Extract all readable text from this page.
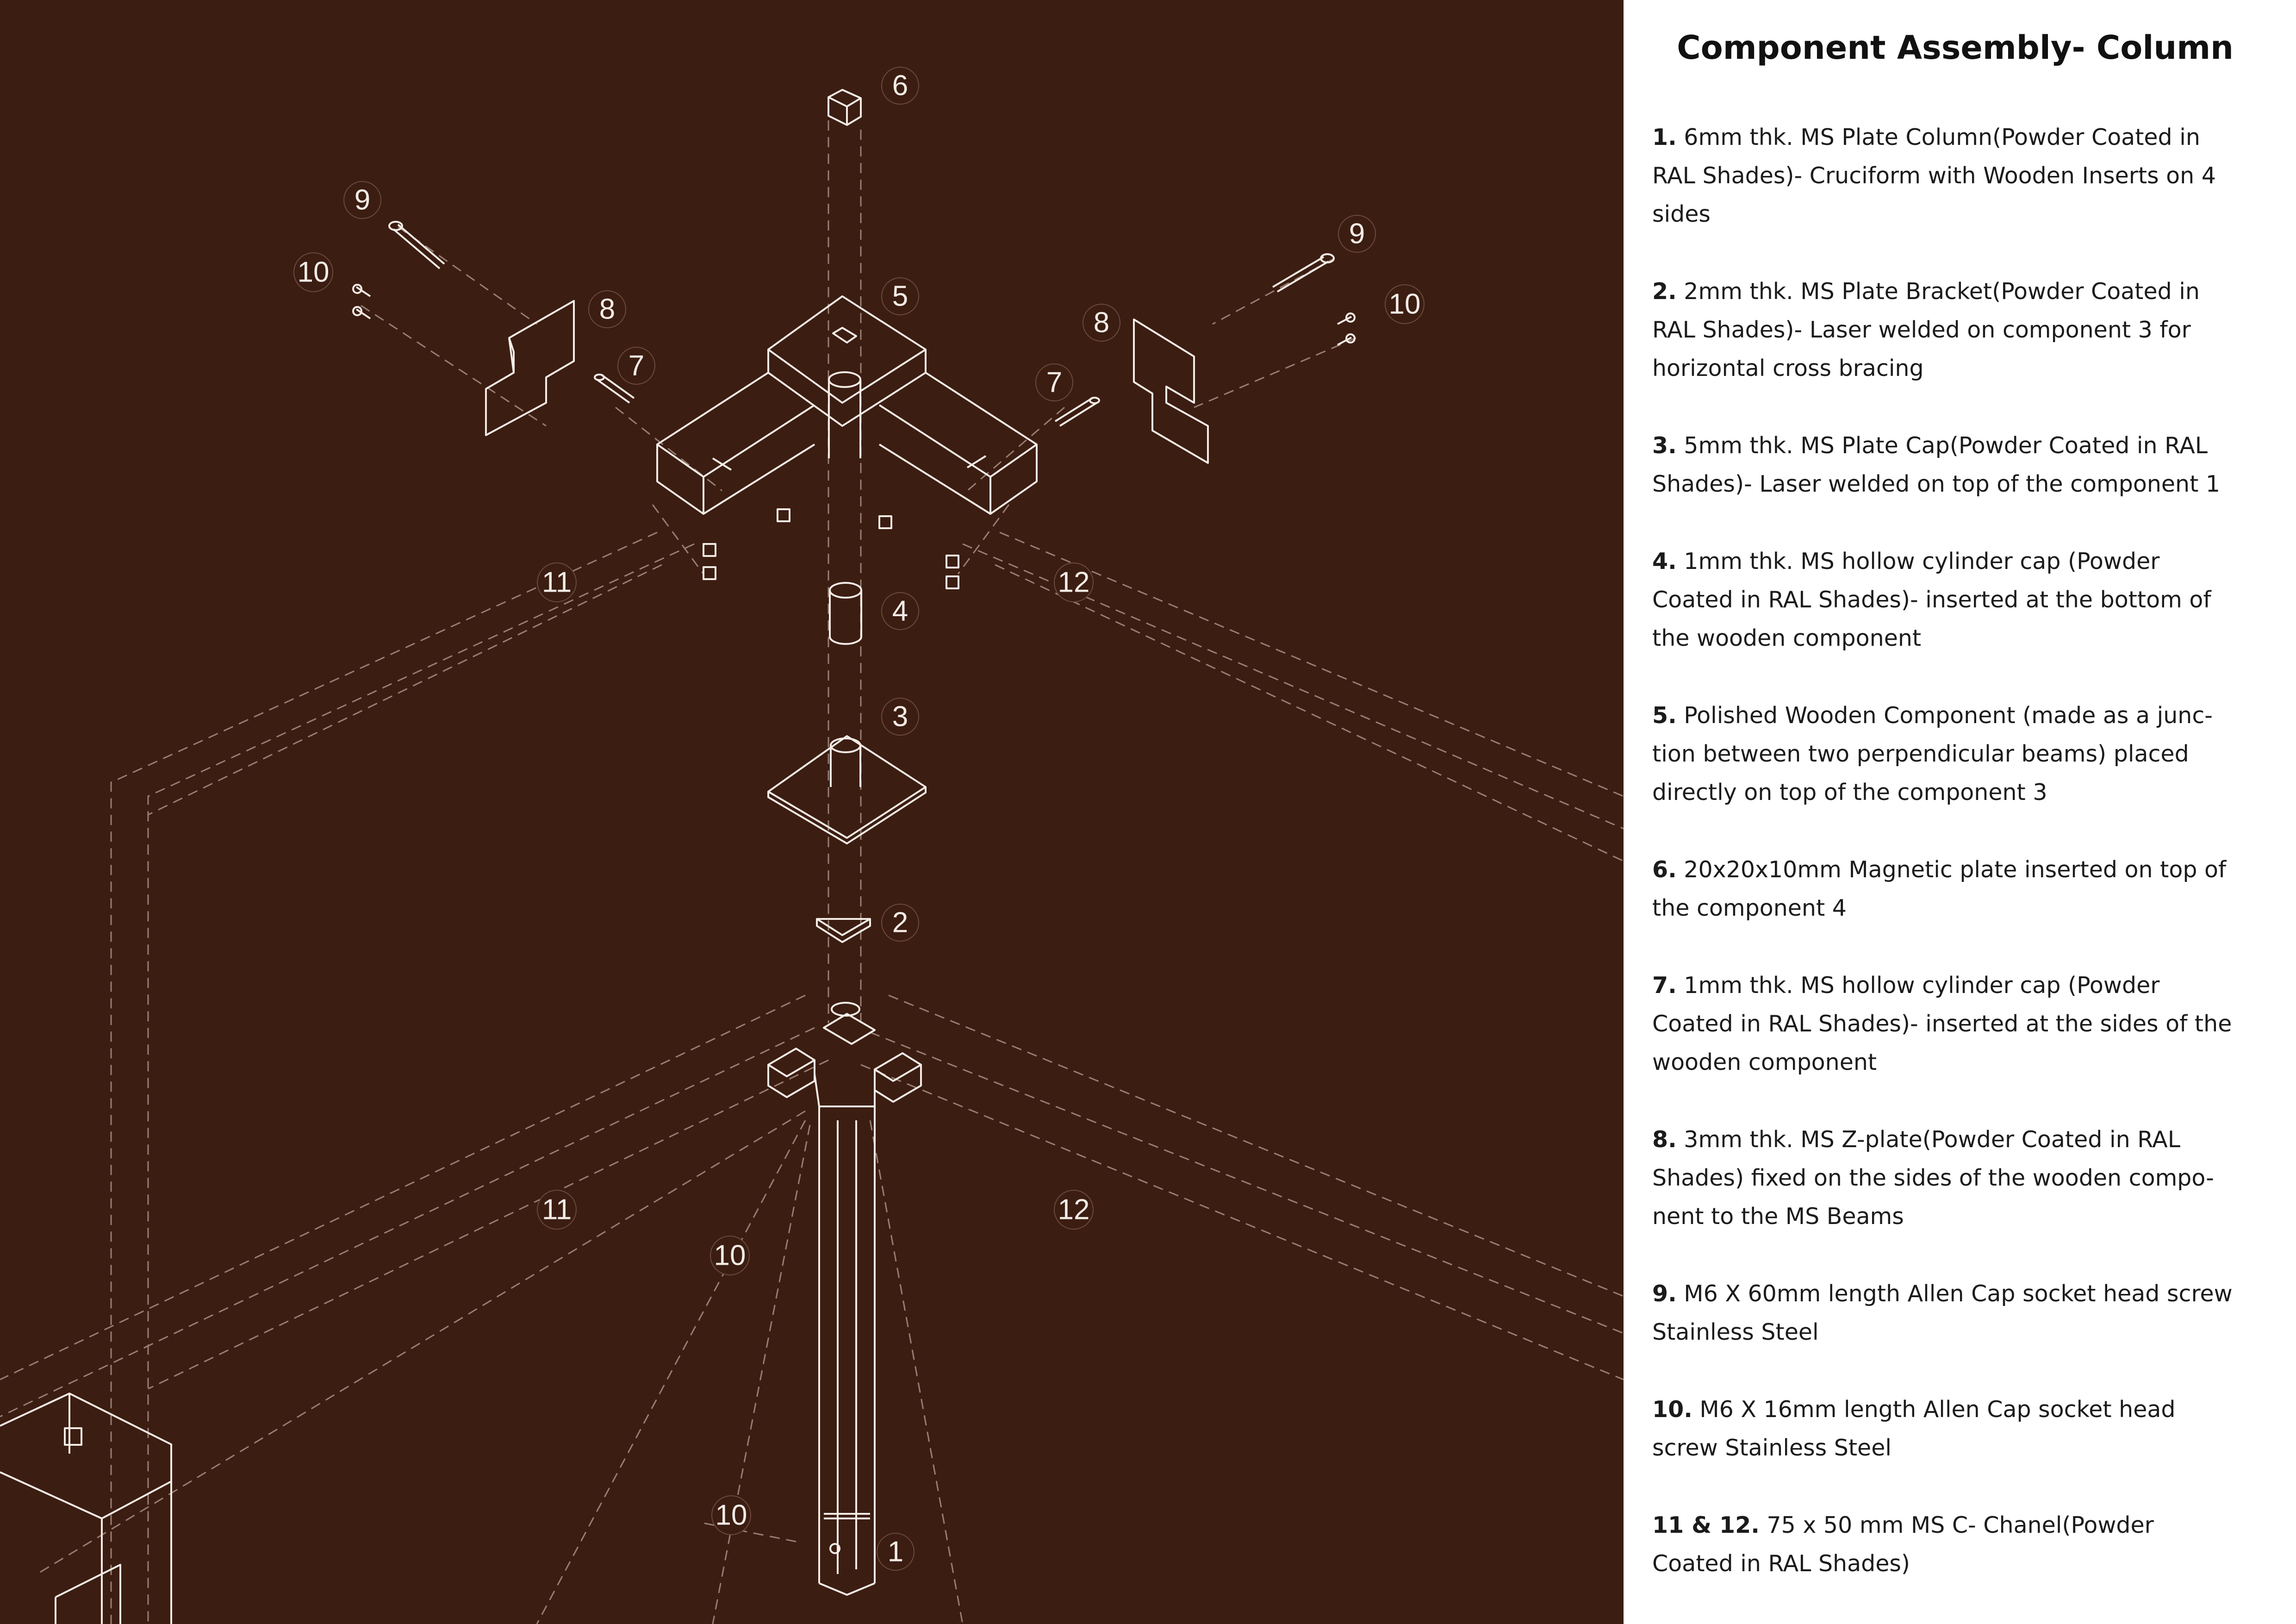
6
5
4
3
2
1
7
7
8	8
9
9
10
10
10
10
11
11
12
12
Component Assembly- Column

1. 6mm thk. MS Plate Column(Powder Coated in RAL Shades)- Cruciform with Wooden Inserts on 4 sides

2. 2mm thk. MS Plate Bracket(Powder Coated in RAL Shades)- Laser welded on component 3 for horizontal cross bracing

3. 5mm thk. MS Plate Cap(Powder Coated in RAL Shades)- Laser welded on top of the component 1

4. 1mm thk. MS hollow cylinder cap (Powder Coated in RAL Shades)- inserted at the bottom of the wooden component

5. Polished Wooden Component (made as a junc-tion between two perpendicular beams) placed directly on top of the component 3

6. 20x20x10mm Magnetic plate inserted on top of the component 4

7. 1mm thk. MS hollow cylinder cap (Powder Coated in RAL Shades)- inserted at the sides of the wooden component

8. 3mm thk. MS Z-plate(Powder Coated in RAL Shades) fixed on the sides of the wooden compo-nent to the MS Beams

9. M6 X 60mm length Allen Cap socket head screw Stainless Steel

10. M6 X 16mm length Allen Cap socket head screw Stainless Steel

11 & 12. 75 x 50 mm MS C- Chanel(Powder Coated in RAL Shades)
